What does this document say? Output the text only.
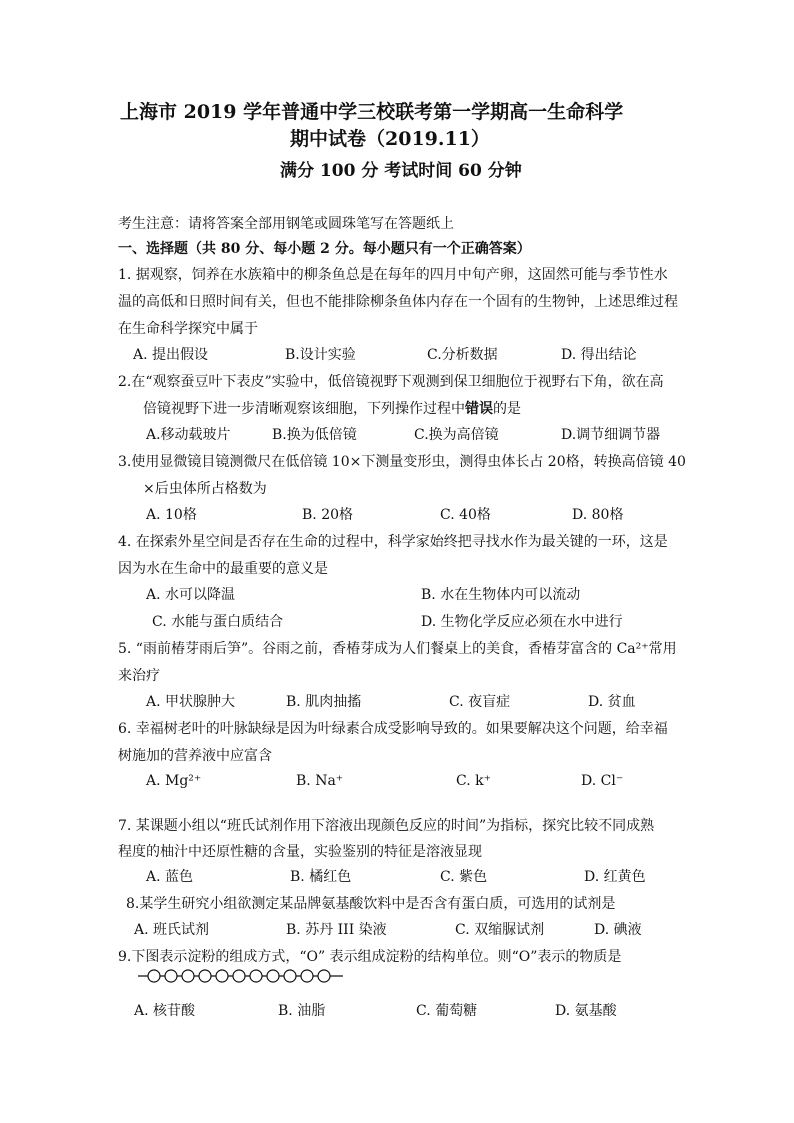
上海市 2019 学年普通中学三校联考第一学期高一生命科学
期中试卷（2019.11）
满分 100 分 考试时间 60 分钟
考生注意：请将答案全部用钢笔或圆珠笔写在答题纸上
一、选择题（共 80 分、每小题 2 分。每小题只有一个正确答案）
1. 据观察，饲养在水族箱中的柳条鱼总是在每年的四月中旬产卵，这固然可能与季节性水
温的高低和日照时间有关，但也不能排除柳条鱼体内存在一个固有的生物钟，上述思维过程
在生命科学探究中属于
A. 提出假设	B.设计实验	C.分析数据	D. 得出结论
2.在“观察蚕豆叶下表皮”实验中，低倍镜视野下观测到保卫细胞位于视野右下角，欲在高
倍镜视野下进一步清晰观察该细胞，下列操作过程中错误的是
A.移动载玻片	B.换为低倍镜	C.换为高倍镜	D.调节细调节器
3.使用显微镜目镜测微尺在低倍镜 10×下测量变形虫，测得虫体长占 20格，转换高倍镜 40
×后虫体所占格数为
A. 10格	B. 20格	C. 40格	D. 80格
4. 在探索外星空间是否存在生命的过程中，科学家始终把寻找水作为最关键的一环，这是
因为水在生命中的最重要的意义是
A. 水可以降温	B. 水在生物体内可以流动
C. 水能与蛋白质结合	D. 生物化学反应必须在水中进行
5. “雨前椿芽雨后笋”。谷雨之前，香椿芽成为人们餐桌上的美食，香椿芽富含的 Ca²⁺常用
来治疗
A. 甲状腺肿大	B. 肌肉抽搐	C. 夜盲症	D. 贫血
6. 幸福树老叶的叶脉缺绿是因为叶绿素合成受影响导致的。如果要解决这个问题，给幸福
树施加的营养液中应富含
A. Mg²⁺	B. Na⁺	C. k⁺	D. Cl⁻
7. 某课题小组以“班氏试剂作用下溶液出现颜色反应的时间”为指标，探究比较不同成熟
程度的柚汁中还原性糖的含量，实验鉴别的特征是溶液显现
A. 蓝色	B. 橘红色	C. 紫色	D. 红黄色
8.某学生研究小组欲测定某品牌氨基酸饮料中是否含有蛋白质，可选用的试剂是
A. 班氏试剂	B. 苏丹 III 染液	C. 双缩脲试剂	D. 碘液
9.下图表示淀粉的组成方式，“O” 表示组成淀粉的结构单位。则“O”表示的物质是
A. 核苷酸	B. 油脂	C. 葡萄糖	D. 氨基酸
